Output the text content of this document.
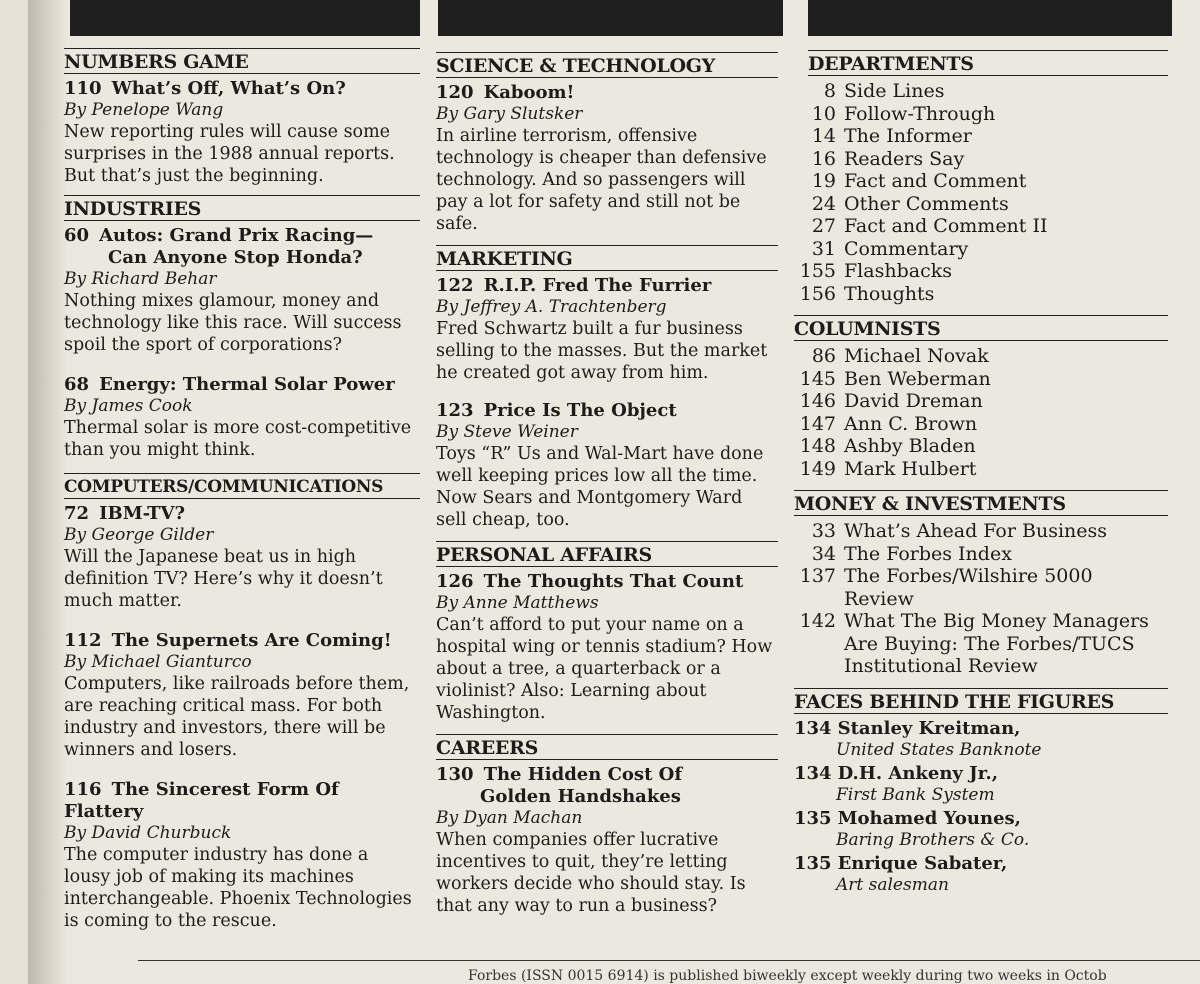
NUMBERS GAME
110 What’s Off, What’s On?
By Penelope Wang
New reporting rules will cause some surprises in the 1988 annual reports. But that’s just the beginning.
INDUSTRIES
60 Autos: Grand Prix Racing—
Can Anyone Stop Honda?
By Richard Behar
Nothing mixes glamour, money and technology like this race. Will success spoil the sport of corporations?
68 Energy: Thermal Solar Power
By James Cook
Thermal solar is more cost-competitive than you might think.
COMPUTERS/COMMUNICATIONS
72 IBM-TV?
By George Gilder
Will the Japanese beat us in high definition TV? Here’s why it doesn’t much matter.
112 The Supernets Are Coming!
By Michael Gianturco
Computers, like railroads before them, are reaching critical mass. For both industry and investors, there will be winners and losers.
116 The Sincerest Form Of Flattery
By David Churbuck
The computer industry has done a lousy job of making its machines interchangeable. Phoenix Technologies is coming to the rescue.
SCIENCE & TECHNOLOGY
120 Kaboom!
By Gary Slutsker
In airline terrorism, offensive technology is cheaper than defensive technology. And so passengers will pay a lot for safety and still not be safe.
MARKETING
122 R.I.P. Fred The Furrier
By Jeffrey A. Trachtenberg
Fred Schwartz built a fur business selling to the masses. But the market he created got away from him.
123 Price Is The Object
By Steve Weiner
Toys “R” Us and Wal-Mart have done well keeping prices low all the time. Now Sears and Montgomery Ward sell cheap, too.
PERSONAL AFFAIRS
126 The Thoughts That Count
By Anne Matthews
Can’t afford to put your name on a hospital wing or tennis stadium? How about a tree, a quarterback or a violinist? Also: Learning about Washington.
CAREERS
130 The Hidden Cost Of
Golden Handshakes
By Dyan Machan
When companies offer lucrative incentives to quit, they’re letting workers decide who should stay. Is that any way to run a business?
DEPARTMENTS
8 Side Lines
10 Follow-Through
14 The Informer
16 Readers Say
19 Fact and Comment
24 Other Comments
27 Fact and Comment II
31 Commentary
155 Flashbacks
156 Thoughts
COLUMNISTS
86 Michael Novak
145 Ben Weberman
146 David Dreman
147 Ann C. Brown
148 Ashby Bladen
149 Mark Hulbert
MONEY & INVESTMENTS
33 What’s Ahead For Business
34 The Forbes Index
137 The Forbes/Wilshire 5000 Review
142 What The Big Money Managers Are Buying: The Forbes/TUCS Institutional Review
FACES BEHIND THE FIGURES
134 Stanley Kreitman,
United States Banknote
134 D.H. Ankeny Jr.,
First Bank System
135 Mohamed Younes,
Baring Brothers & Co.
135 Enrique Sabater,
Art salesman
Forbes (ISSN 0015 6914) is published biweekly except weekly during two weeks in Octob
